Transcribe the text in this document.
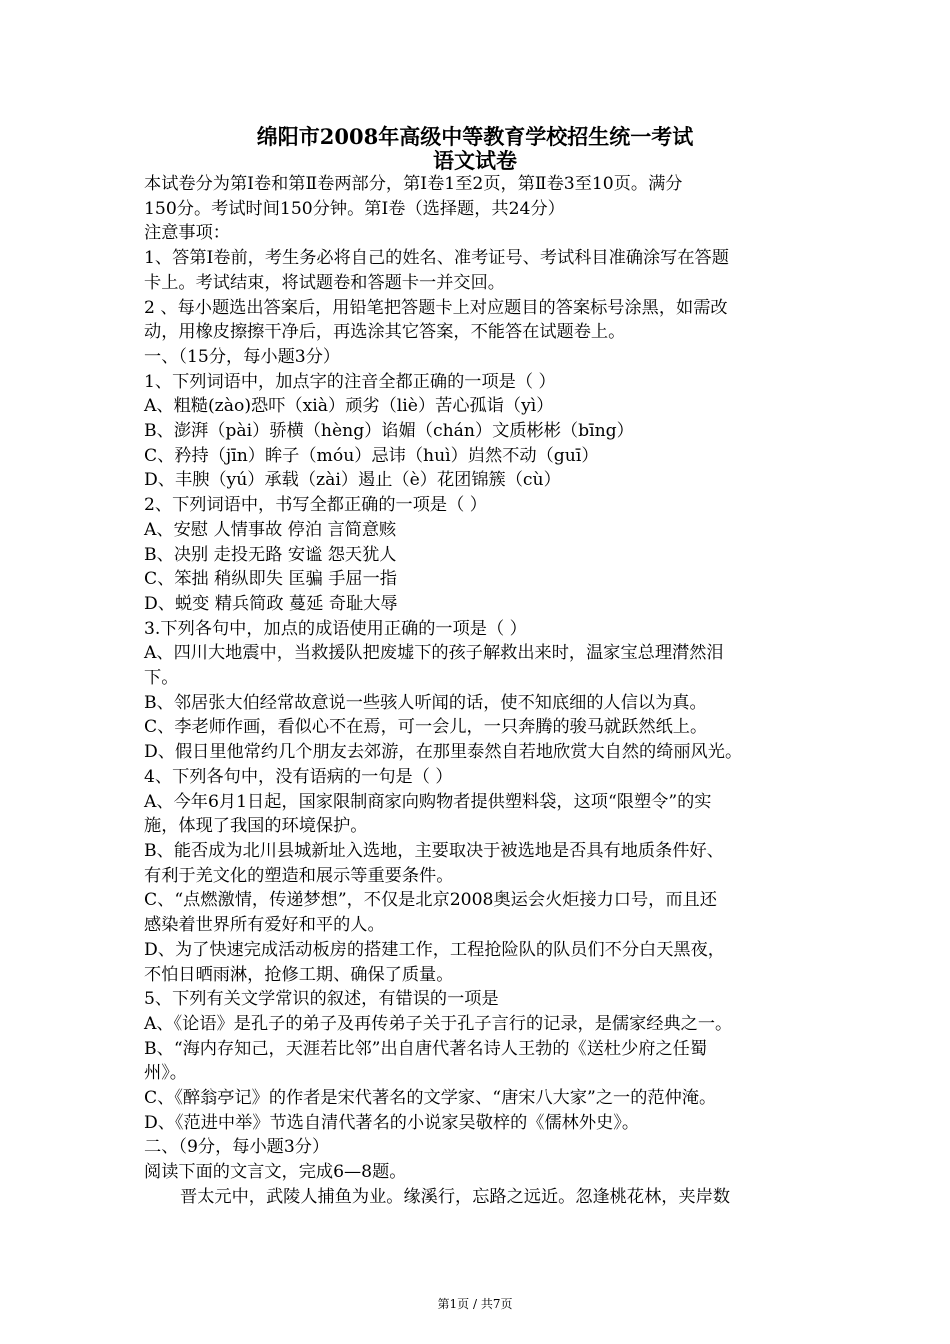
绵阳市2008年高级中等教育学校招生统一考试
语文试卷
本试卷分为第Ⅰ卷和第Ⅱ卷两部分，第Ⅰ卷1至2页，第Ⅱ卷3至10页。满分
150分。考试时间150分钟。第Ⅰ卷（选择题，共24分）
注意事项：
1、答第Ⅰ卷前，考生务必将自己的姓名、准考证号、考试科目准确涂写在答题
卡上。考试结束，将试题卷和答题卡一并交回。
2 、每小题选出答案后，用铅笔把答题卡上对应题目的答案标号涂黑，如需改
动，用橡皮擦擦干净后，再选涂其它答案，不能答在试题卷上。
一、（15分，每小题3分）
1、下列词语中，加点字的注音全都正确的一项是（ ）
A、粗糙(zào)恐吓（xià）顽劣（liè）苦心孤诣（yì）
B、澎湃（pài）骄横（hèng）谄媚（chán）文质彬彬（bīng）
C、矜持（jīn）眸子（móu）忌讳（huì）岿然不动（guī）
D、丰腴（yú）承载（zài）遏止（è）花团锦簇（cù）
2、下列词语中，书写全都正确的一项是（ ）
A、安慰 人情事故 停泊 言简意赅
B、决别 走投无路 安谧 怨天犹人
C、笨拙 稍纵即失 匡骗 手屈一指
D、蜕变 精兵简政 蔓延 奇耻大辱
3.下列各句中，加点的成语使用正确的一项是（ ）
A、四川大地震中，当救援队把废墟下的孩子解救出来时，温家宝总理潸然泪
下。
B、邻居张大伯经常故意说一些骇人听闻的话，使不知底细的人信以为真。
C、李老师作画，看似心不在焉，可一会儿，一只奔腾的骏马就跃然纸上。
D、假日里他常约几个朋友去郊游，在那里泰然自若地欣赏大自然的绮丽风光。
4、下列各句中，没有语病的一句是（ ）
A、今年6月1日起，国家限制商家向购物者提供塑料袋，这项“限塑令”的实
施，体现了我国的环境保护。
B、能否成为北川县城新址入选地，主要取决于被选地是否具有地质条件好、
有利于羌文化的塑造和展示等重要条件。
C、“点燃激情，传递梦想”，不仅是北京2008奥运会火炬接力口号，而且还
感染着世界所有爱好和平的人。
D、为了快速完成活动板房的搭建工作，工程抢险队的队员们不分白天黑夜，
不怕日晒雨淋，抢修工期、确保了质量。
5、下列有关文学常识的叙述，有错误的一项是
A、《论语》是孔子的弟子及再传弟子关于孔子言行的记录，是儒家经典之一。
B、“海内存知己，天涯若比邻”出自唐代著名诗人王勃的《送杜少府之任蜀
州》。
C、《醉翁亭记》的作者是宋代著名的文学家、“唐宋八大家”之一的范仲淹。
D、《范进中举》节选自清代著名的小说家吴敬梓的《儒林外史》。
二、（9分，每小题3分）
阅读下面的文言文，完成6—8题。
晋太元中，武陵人捕鱼为业。缘溪行，忘路之远近。忽逢桃花林，夹岸数
第1页 / 共7页
